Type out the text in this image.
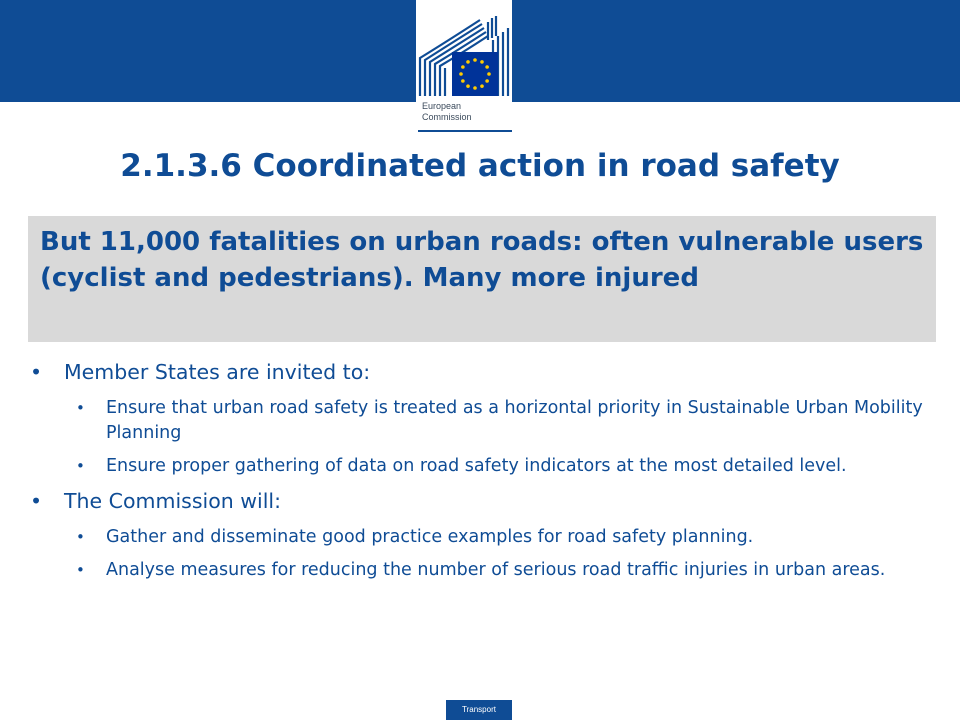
European
Commission
2.1.3.6 Coordinated action in road safety
But 11,000 fatalities on urban roads: often vulnerable users (cyclist and pedestrians). Many more injured
• Member States are invited to:
• Ensure that urban road safety is treated as a horizontal priority in Sustainable Urban Mobility Planning
• Ensure proper gathering of data on road safety indicators at the most detailed level.
• The Commission will:
• Gather and disseminate good practice examples for road safety planning.
• Analyse measures for reducing the number of serious road traffic injuries in urban areas.
Transport
